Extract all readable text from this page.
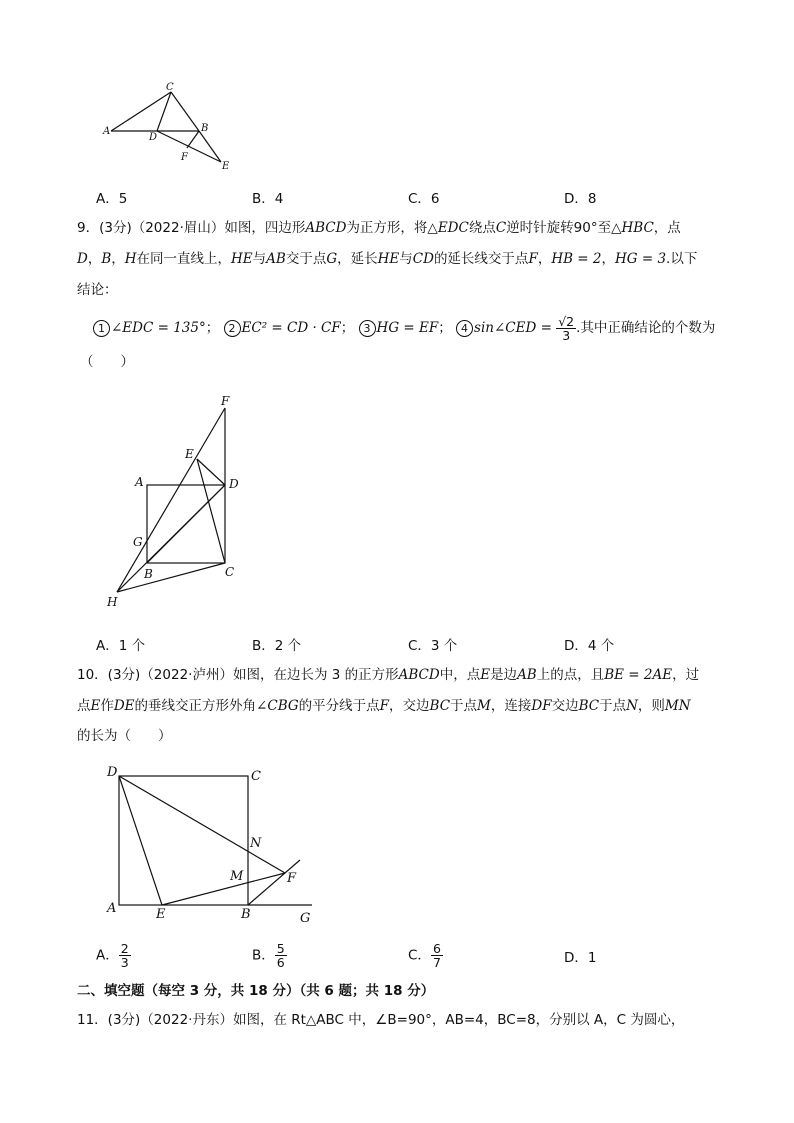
C
A
D
B
F
E
A．5	B．4	C．6	D．8
9．(3分)（2022·眉山）如图，四边形ABCD为正方形，将△EDC绕点C逆时针旋转90°至△HBC，点
D，B，H在同一直线上，HE与AB交于点G，延长HE与CD的延长线交于点F，HB = 2，HG = 3.以下
结论：
1 ∠EDC = 135°； 2 EC² = CD · CF； 3 HG = EF； 4 sin∠CED = $\frac{√2}{3}$ .其中正确结论的个数为
（　　）
F
E
A	D
G
B	C
H
A．1 个	B．2 个	C．3 个	D．4 个
10．(3分)（2022·泸州）如图，在边长为 3 的正方形ABCD中，点E是边AB上的点，且BE = 2AE，过
点E作DE的垂线交正方形外角∠CBG的平分线于点F，交边BC于点M，连接DF交边BC于点N，则MN
的长为（　　）
D	C
N
M	F
A	E	B	G
A． $\frac{2}{3}$	B． $\frac{5}{6}$	C． $\frac{6}{7}$	D．1
二、填空题（每空 3 分，共 18 分）（共 6 题；共 18 分）
11．(3分)（2022·丹东）如图，在 Rt△ABC 中，∠B=90°，AB=4，BC=8，分别以 A，C 为圆心，
